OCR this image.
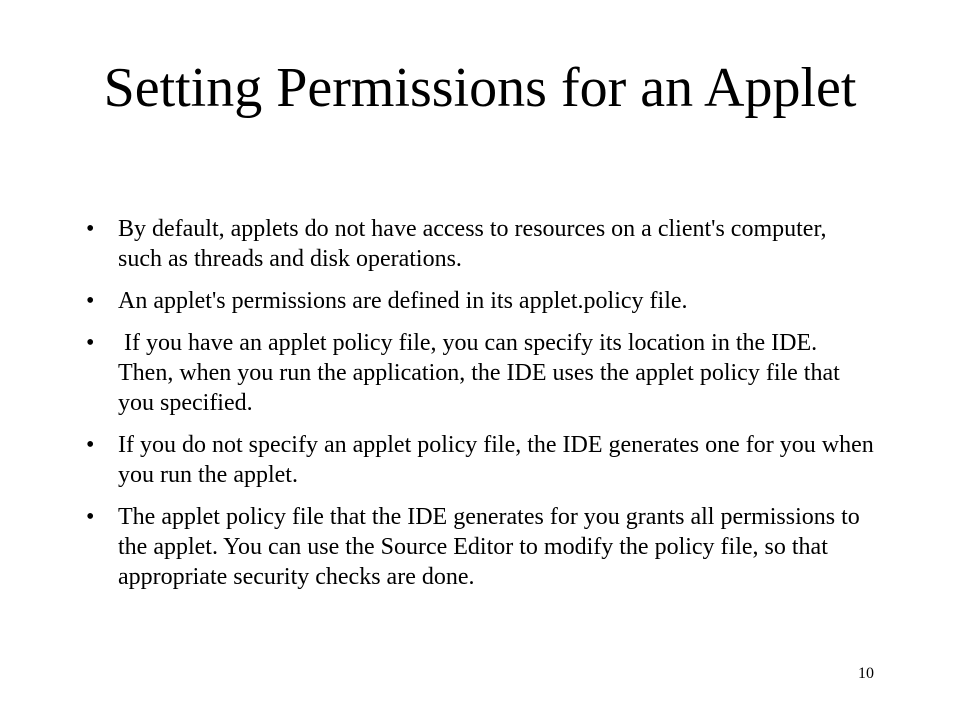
Setting Permissions for an Applet
• By default, applets do not have access to resources on a client's computer, such as threads and disk operations.
• An applet's permissions are defined in its applet.policy file.
• If you have an applet policy file, you can specify its location in the IDE. Then, when you run the application, the IDE uses the applet policy file that you specified.
• If you do not specify an applet policy file, the IDE generates one for you when you run the applet.
• The applet policy file that the IDE generates for you grants all permissions to the applet. You can use the Source Editor to modify the policy file, so that appropriate security checks are done.
10
